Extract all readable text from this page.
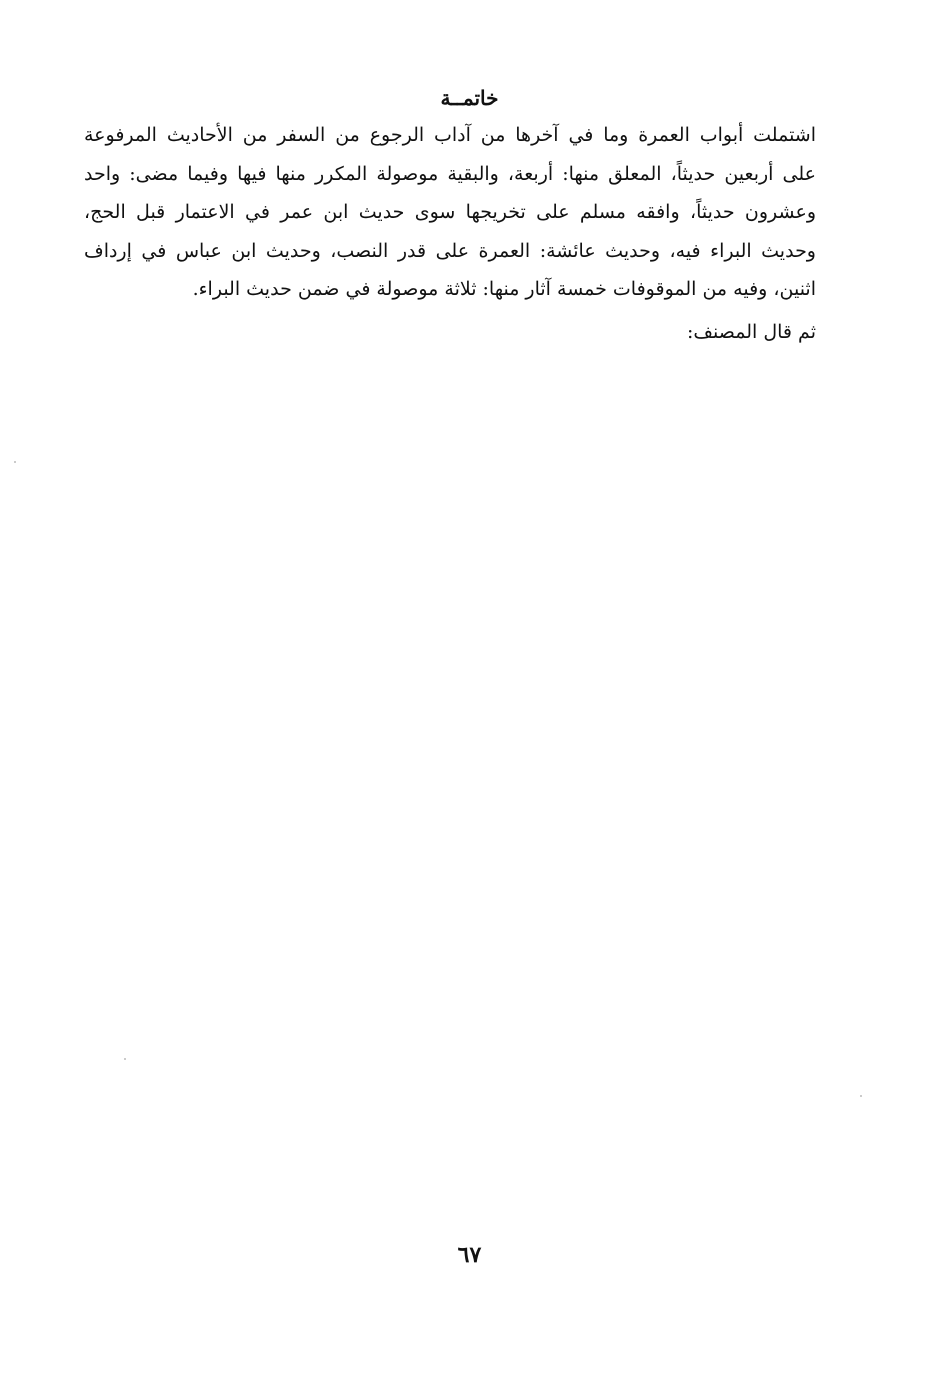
خاتمــة

اشتملت أبواب العمرة وما في آخرها من آداب الرجوع من السفر من الأحاديث المرفوعة
على أربعين حديثاً، المعلق منها: أربعة، والبقية موصولة المكرر منها فيها وفيما مضى: واحد
وعشرون حديثاً، وافقه مسلم على تخريجها سوى حديث ابن عمر في الاعتمار قبل الحج،
وحديث البراء فيه، وحديث عائشة: العمرة على قدر النصب، وحديث ابن عباس في إرداف
اثنين، وفيه من الموقوفات خمسة آثار منها: ثلاثة موصولة في ضمن حديث البراء.

ثم قال المصنف:

٦٧
